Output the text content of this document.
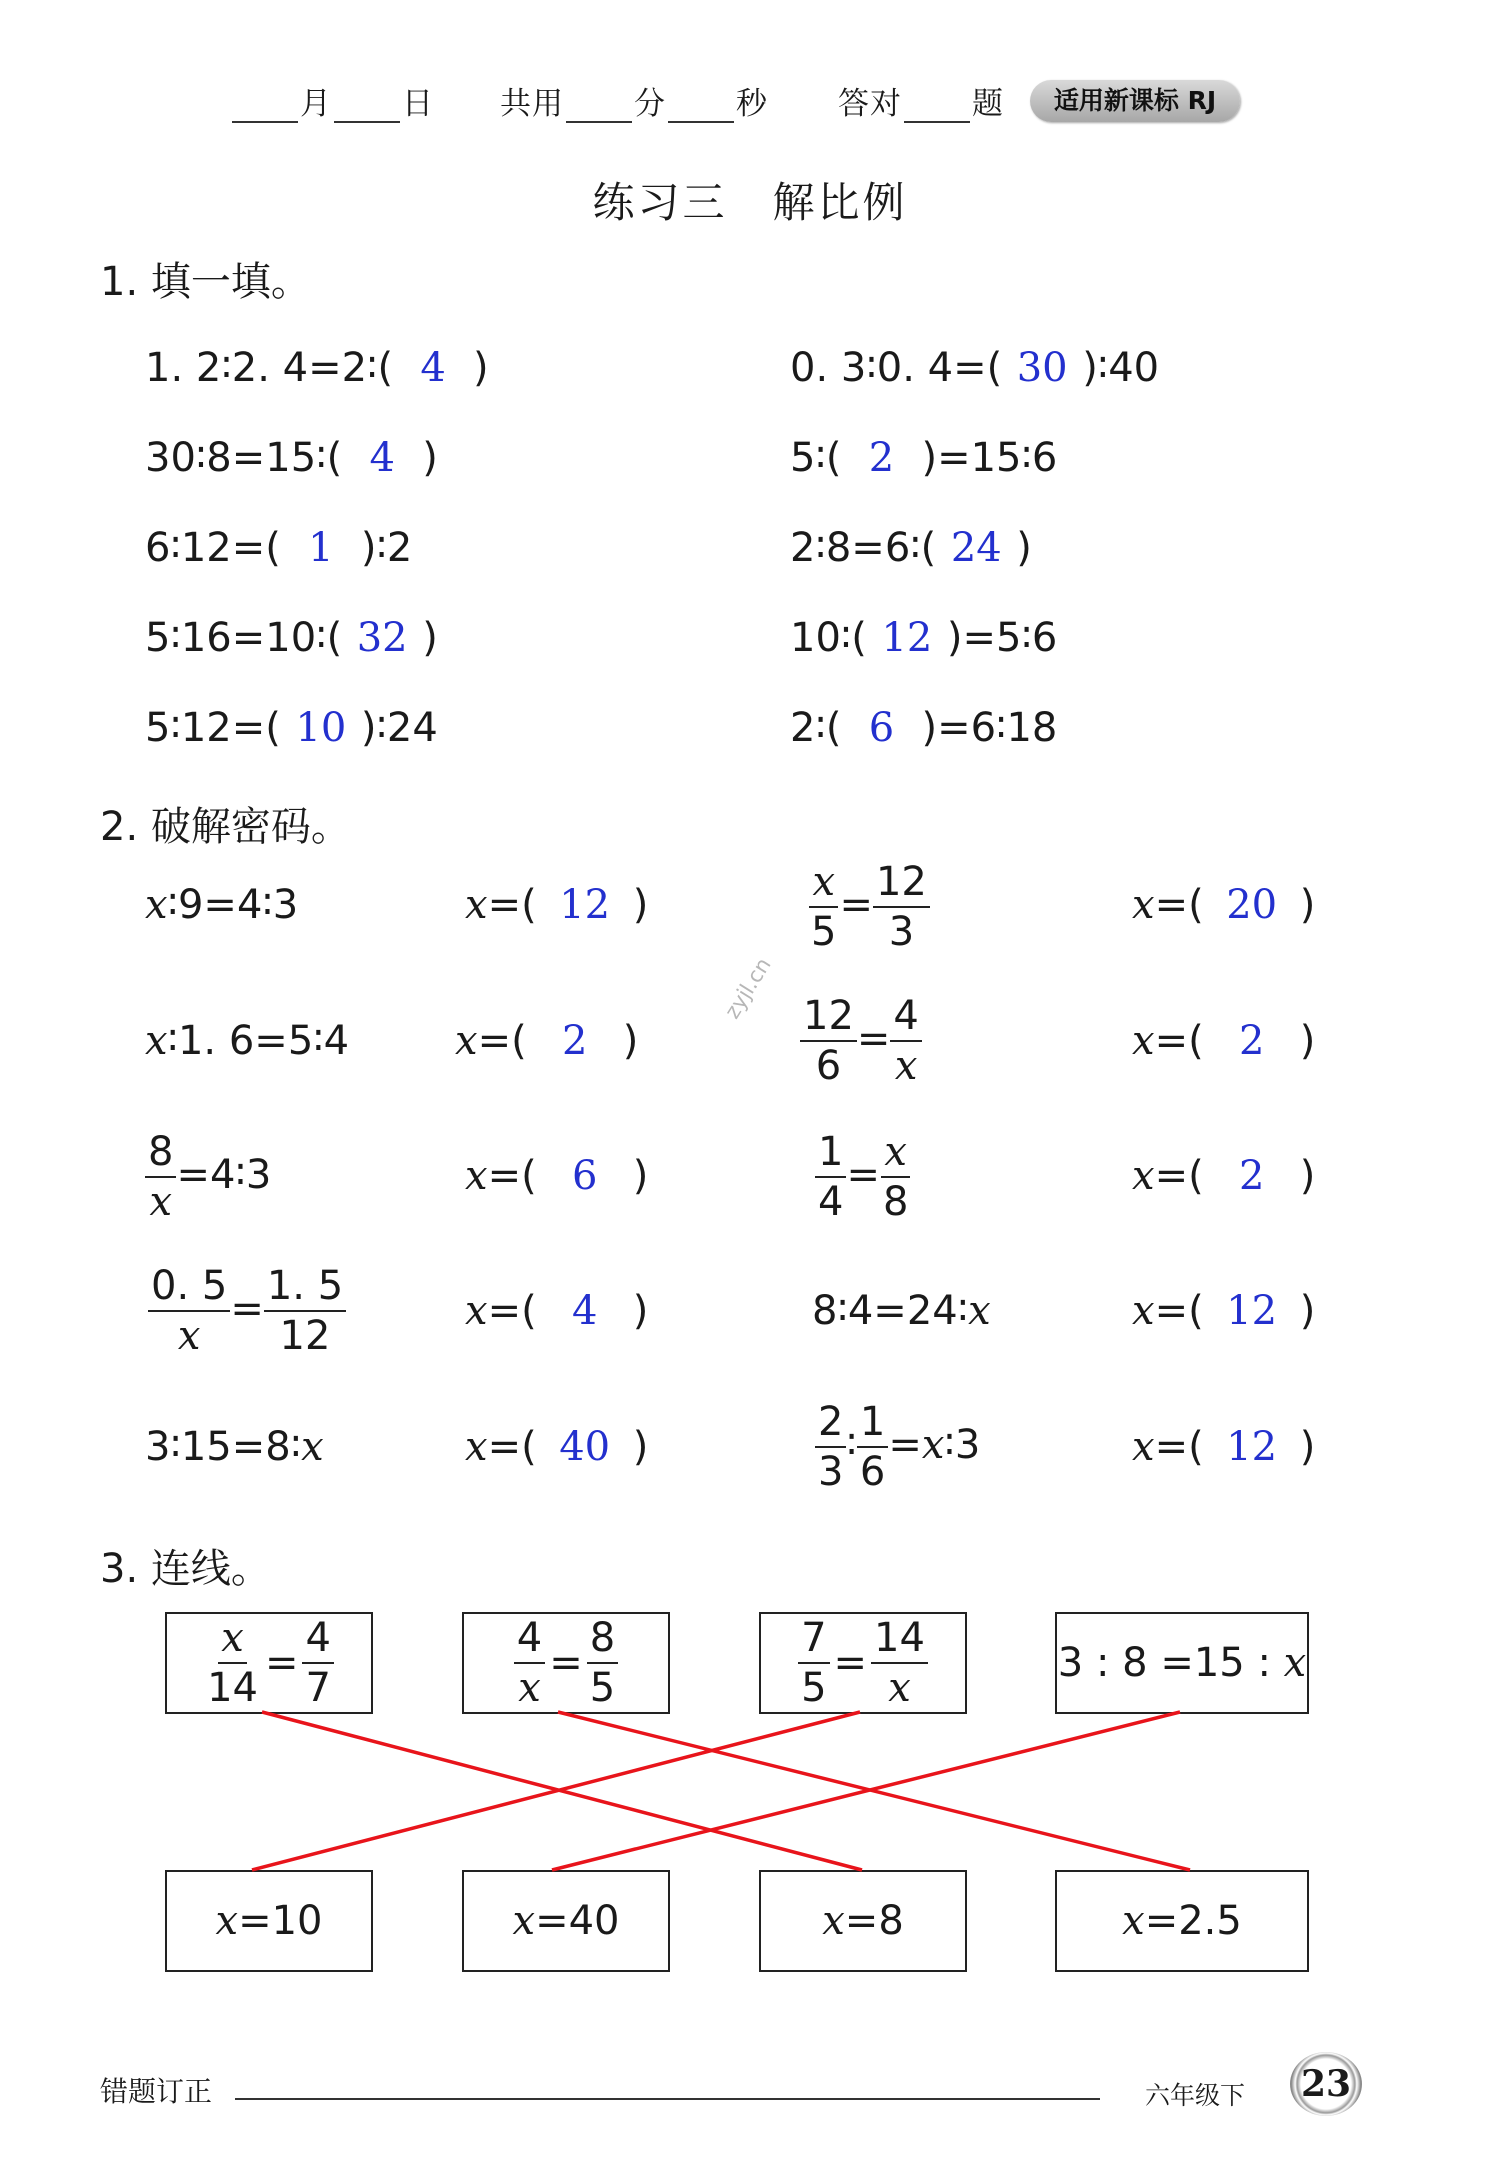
月 日 共用 分 秒 答对 题	适用新课标 RJ
练习三　解比例
1. 填一填。
1. 2∶2. 4=2∶( 4 )	0. 3∶0. 4=( 30 )∶40
30∶8=15∶( 4 )	5∶( 2 )=15∶6
6∶12=( 1 )∶2	2∶8=6∶( 24 )
5∶16=10∶( 32 )	10∶( 12 )=5∶6
5∶12=( 10 )∶24	2∶( 6 )=6∶18
2. 破解密码。
x∶9=4∶3	x=( 12 )	$\frac{x}{5} = \frac{12}{3}$	x=( 20 )
x∶1. 6=5∶4	x=( 2 )	$\frac{12}{6} = \frac{4}{x}$	x=( 2 )
$\frac{8}{x}$ =4∶3	x=( 6 )	$\frac{1}{4} = \frac{x}{8}$	x=( 2 )
$\frac{0. 5}{x} = \frac{1. 5}{12}$	x=( 4 )	8∶4=24∶x	x=( 12 )
3∶15=8∶x	x=( 40 )	$\frac{2}{3}$ ∶ $\frac{1}{6}$ =x∶3	x=( 12 )
zyjl.cn
3. 连线。
$\frac{x}{14} = \frac{4}{7}$	$\frac{4}{x} = \frac{8}{5}$	$\frac{7}{5} = \frac{14}{x}$	3 : 8 =15 : x
x =10	x =40	x =8	x =2.5
错题订正	六年级下	23
